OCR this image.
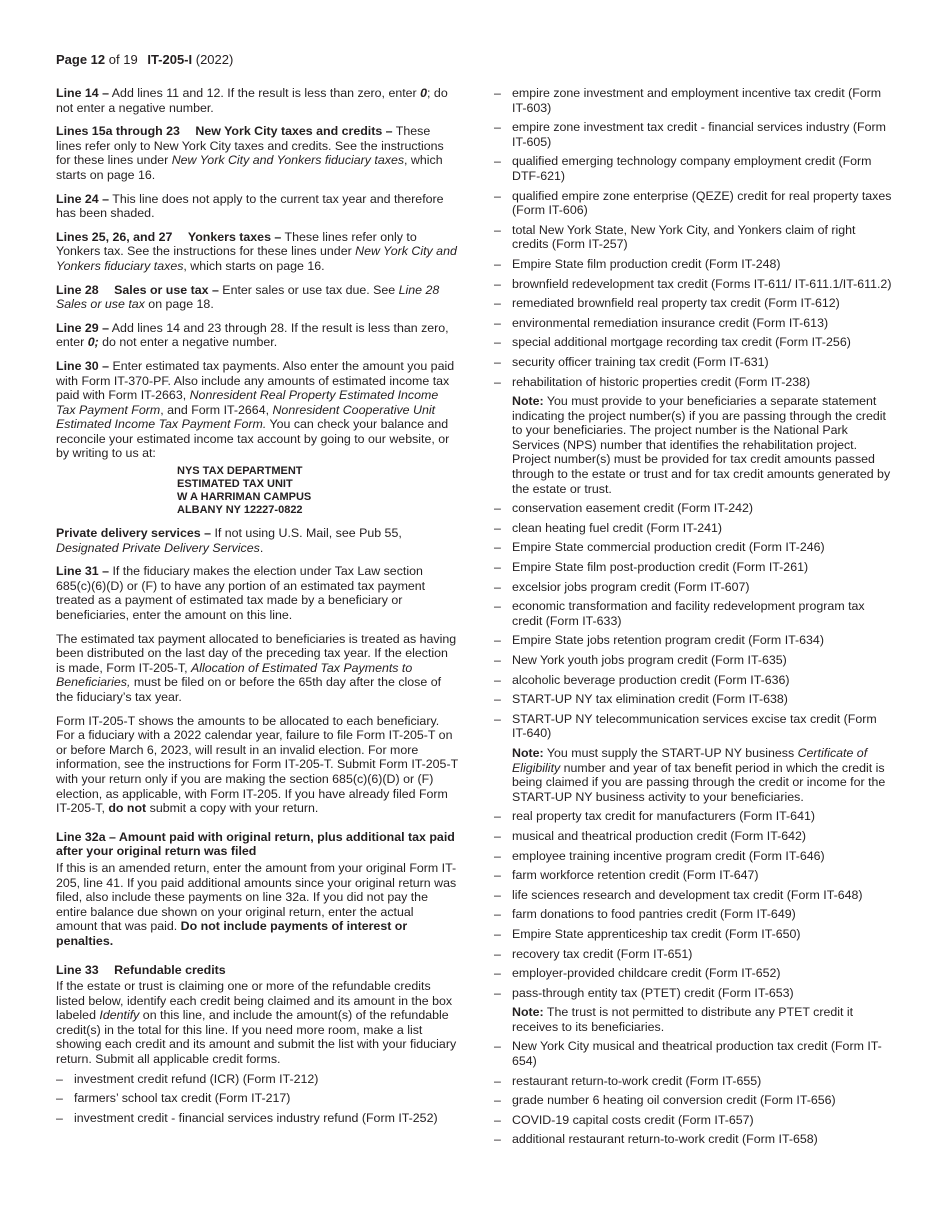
Page 12 of 19 IT-205-I (2022)

Line 14 – Add lines 11 and 12. If the result is less than zero, enter 0; do not enter a negative number.

Lines 15a through 23 New York City taxes and credits – These lines refer only to New York City taxes and credits. See the instructions for these lines under New York City and Yonkers fiduciary taxes, which starts on page 16.

Line 24 – This line does not apply to the current tax year and therefore has been shaded.

Lines 25, 26, and 27 Yonkers taxes – These lines refer only to Yonkers tax. See the instructions for these lines under New York City and Yonkers fiduciary taxes, which starts on page 16.

Line 28 Sales or use tax – Enter sales or use tax due. See Line 28 Sales or use tax on page 18.

Line 29 – Add lines 14 and 23 through 28. If the result is less than zero, enter 0; do not enter a negative number.

Line 30 – Enter estimated tax payments. Also enter the amount you paid with Form IT-370-PF. Also include any amounts of estimated income tax paid with Form IT-2663, Nonresident Real Property Estimated Income Tax Payment Form, and Form IT-2664, Nonresident Cooperative Unit Estimated Income Tax Payment Form. You can check your balance and reconcile your estimated income tax account by going to our website, or by writing to us at:

NYS TAX DEPARTMENT
ESTIMATED TAX UNIT
W A HARRIMAN CAMPUS
ALBANY NY 12227-0822

Private delivery services – If not using U.S. Mail, see Pub 55, Designated Private Delivery Services.

Line 31 – If the fiduciary makes the election under Tax Law section 685(c)(6)(D) or (F) to have any portion of an estimated tax payment treated as a payment of estimated tax made by a beneficiary or beneficiaries, enter the amount on this line.

The estimated tax payment allocated to beneficiaries is treated as having been distributed on the last day of the preceding tax year. If the election is made, Form IT-205-T, Allocation of Estimated Tax Payments to Beneficiaries, must be filed on or before the 65th day after the close of the fiduciary’s tax year.

Form IT-205-T shows the amounts to be allocated to each beneficiary. For a fiduciary with a 2022 calendar year, failure to file Form IT-205-T on or before March 6, 2023, will result in an invalid election. For more information, see the instructions for Form IT-205-T. Submit Form IT-205-T with your return only if you are making the section 685(c)(6)(D) or (F) election, as applicable, with Form IT-205. If you have already filed Form IT-205-T, do not submit a copy with your return.

Line 32a – Amount paid with original return, plus additional tax paid after your original return was filed

If this is an amended return, enter the amount from your original Form IT-205, line 41. If you paid additional amounts since your original return was filed, also include these payments on line 32a. If you did not pay the entire balance due shown on your original return, enter the actual amount that was paid. Do not include payments of interest or penalties.

Line 33 Refundable credits

If the estate or trust is claiming one or more of the refundable credits listed below, identify each credit being claimed and its amount in the box labeled Identify on this line, and include the amount(s) of the refundable credit(s) in the total for this line. If you need more room, make a list showing each credit and its amount and submit the list with your fiduciary return. Submit all applicable credit forms.

– investment credit refund (ICR) (Form IT-212)
– farmers’ school tax credit (Form IT-217)
– investment credit - financial services industry refund (Form IT-252)
– empire zone investment and employment incentive tax credit (Form IT-603)
– empire zone investment tax credit - financial services industry (Form IT-605)
– qualified emerging technology company employment credit (Form DTF-621)
– qualified empire zone enterprise (QEZE) credit for real property taxes (Form IT-606)
– total New York State, New York City, and Yonkers claim of right credits (Form IT-257)
– Empire State film production credit (Form IT-248)
– brownfield redevelopment tax credit (Forms IT-611/ IT-611.1/IT-611.2)
– remediated brownfield real property tax credit (Form IT-612)
– environmental remediation insurance credit (Form IT-613)
– special additional mortgage recording tax credit (Form IT-256)
– security officer training tax credit (Form IT-631)
– rehabilitation of historic properties credit (Form IT-238)

Note: You must provide to your beneficiaries a separate statement indicating the project number(s) if you are passing through the credit to your beneficiaries. The project number is the National Park Services (NPS) number that identifies the rehabilitation project. Project number(s) must be provided for tax credit amounts passed through to the estate or trust and for tax credit amounts generated by the estate or trust.

– conservation easement credit (Form IT-242)
– clean heating fuel credit (Form IT-241)
– Empire State commercial production credit (Form IT-246)
– Empire State film post-production credit (Form IT-261)
– excelsior jobs program credit (Form IT-607)
– economic transformation and facility redevelopment program tax credit (Form IT-633)
– Empire State jobs retention program credit (Form IT-634)
– New York youth jobs program credit (Form IT-635)
– alcoholic beverage production credit (Form IT-636)
– START-UP NY tax elimination credit (Form IT-638)
– START-UP NY telecommunication services excise tax credit (Form IT-640)

Note: You must supply the START-UP NY business Certificate of Eligibility number and year of tax benefit period in which the credit is being claimed if you are passing through the credit or income for the START-UP NY business activity to your beneficiaries.

– real property tax credit for manufacturers (Form IT-641)
– musical and theatrical production credit (Form IT-642)
– employee training incentive program credit (Form IT-646)
– farm workforce retention credit (Form IT-647)
– life sciences research and development tax credit (Form IT-648)
– farm donations to food pantries credit (Form IT-649)
– Empire State apprenticeship tax credit (Form IT-650)
– recovery tax credit (Form IT-651)
– employer-provided childcare credit (Form IT-652)
– pass-through entity tax (PTET) credit (Form IT-653)

Note: The trust is not permitted to distribute any PTET credit it receives to its beneficiaries.

– New York City musical and theatrical production tax credit (Form IT-654)
– restaurant return-to-work credit (Form IT-655)
– grade number 6 heating oil conversion credit (Form IT-656)
– COVID-19 capital costs credit (Form IT-657)
– additional restaurant return-to-work credit (Form IT-658)
